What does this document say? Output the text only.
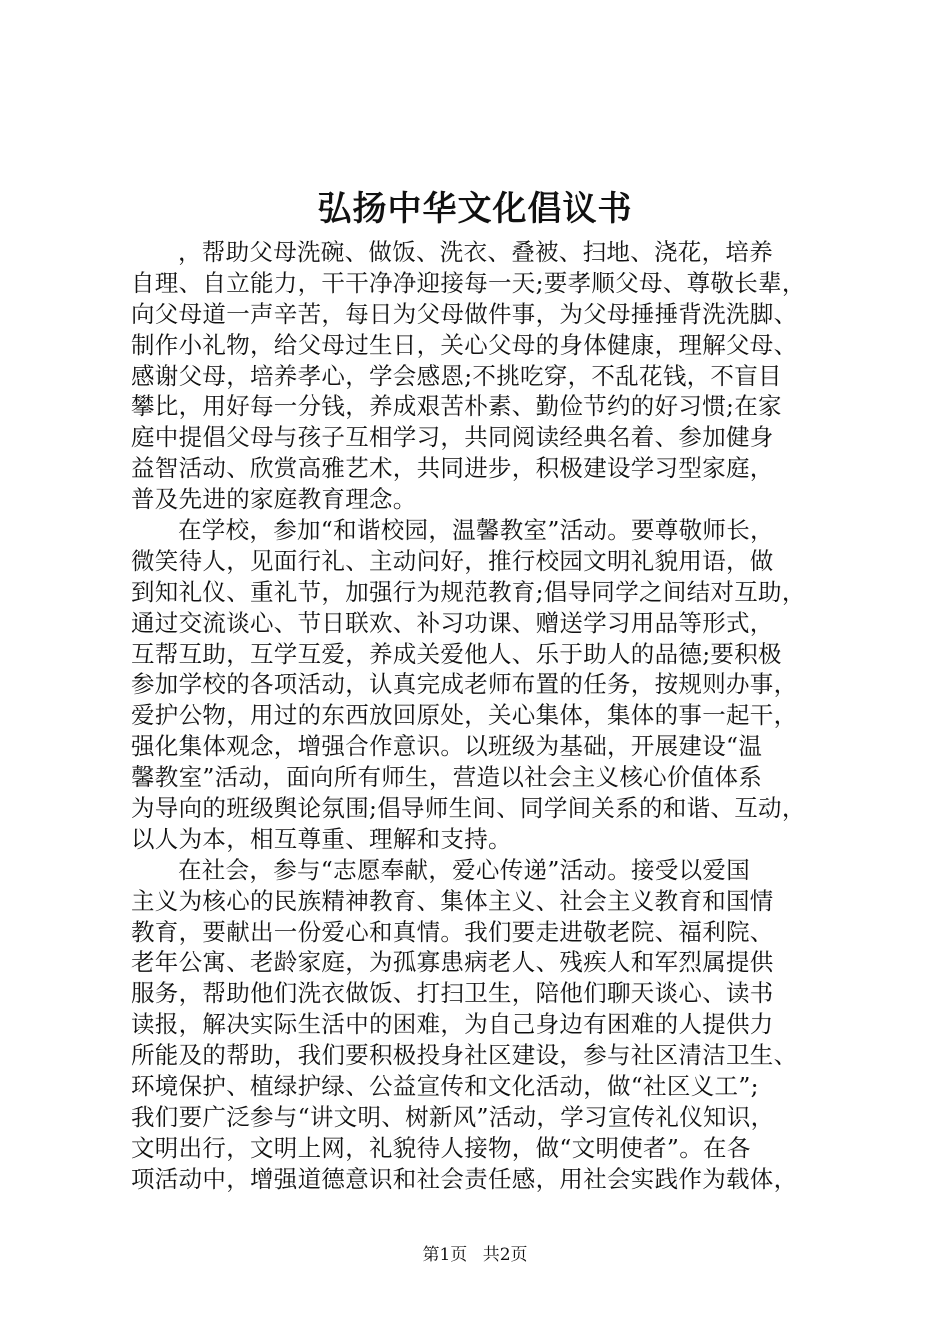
弘扬中华文化倡议书
，帮助父母洗碗、做饭、洗衣、叠被、扫地、浇花，培养
自理、自立能力，干干净净迎接每一天;要孝顺父母、尊敬长辈，
向父母道一声辛苦，每日为父母做件事，为父母捶捶背洗洗脚、
制作小礼物，给父母过生日，关心父母的身体健康，理解父母、
感谢父母，培养孝心，学会感恩;不挑吃穿，不乱花钱，不盲目
攀比，用好每一分钱，养成艰苦朴素、勤俭节约的好习惯;在家
庭中提倡父母与孩子互相学习，共同阅读经典名着、参加健身
益智活动、欣赏高雅艺术，共同进步，积极建设学习型家庭，
普及先进的家庭教育理念。
在学校，参加“和谐校园，温馨教室”活动。要尊敬师长，
微笑待人，见面行礼、主动问好，推行校园文明礼貌用语，做
到知礼仪、重礼节，加强行为规范教育;倡导同学之间结对互助，
通过交流谈心、节日联欢、补习功课、赠送学习用品等形式，
互帮互助，互学互爱，养成关爱他人、乐于助人的品德;要积极
参加学校的各项活动，认真完成老师布置的任务，按规则办事，
爱护公物，用过的东西放回原处，关心集体，集体的事一起干，
强化集体观念，增强合作意识。以班级为基础，开展建设“温
馨教室”活动，面向所有师生，营造以社会主义核心价值体系
为导向的班级舆论氛围;倡导师生间、同学间关系的和谐、互动，
以人为本，相互尊重、理解和支持。
在社会，参与“志愿奉献，爱心传递”活动。接受以爱国
主义为核心的民族精神教育、集体主义、社会主义教育和国情
教育，要献出一份爱心和真情。我们要走进敬老院、福利院、
老年公寓、老龄家庭，为孤寡患病老人、残疾人和军烈属提供
服务，帮助他们洗衣做饭、打扫卫生，陪他们聊天谈心、读书
读报，解决实际生活中的困难，为自己身边有困难的人提供力
所能及的帮助，我们要积极投身社区建设，参与社区清洁卫生、
环境保护、植绿护绿、公益宣传和文化活动，做“社区义工”;
我们要广泛参与“讲文明、树新风”活动，学习宣传礼仪知识，
文明出行，文明上网，礼貌待人接物，做“文明使者”。在各
项活动中，增强道德意识和社会责任感，用社会实践作为载体，
第1页 共2页
